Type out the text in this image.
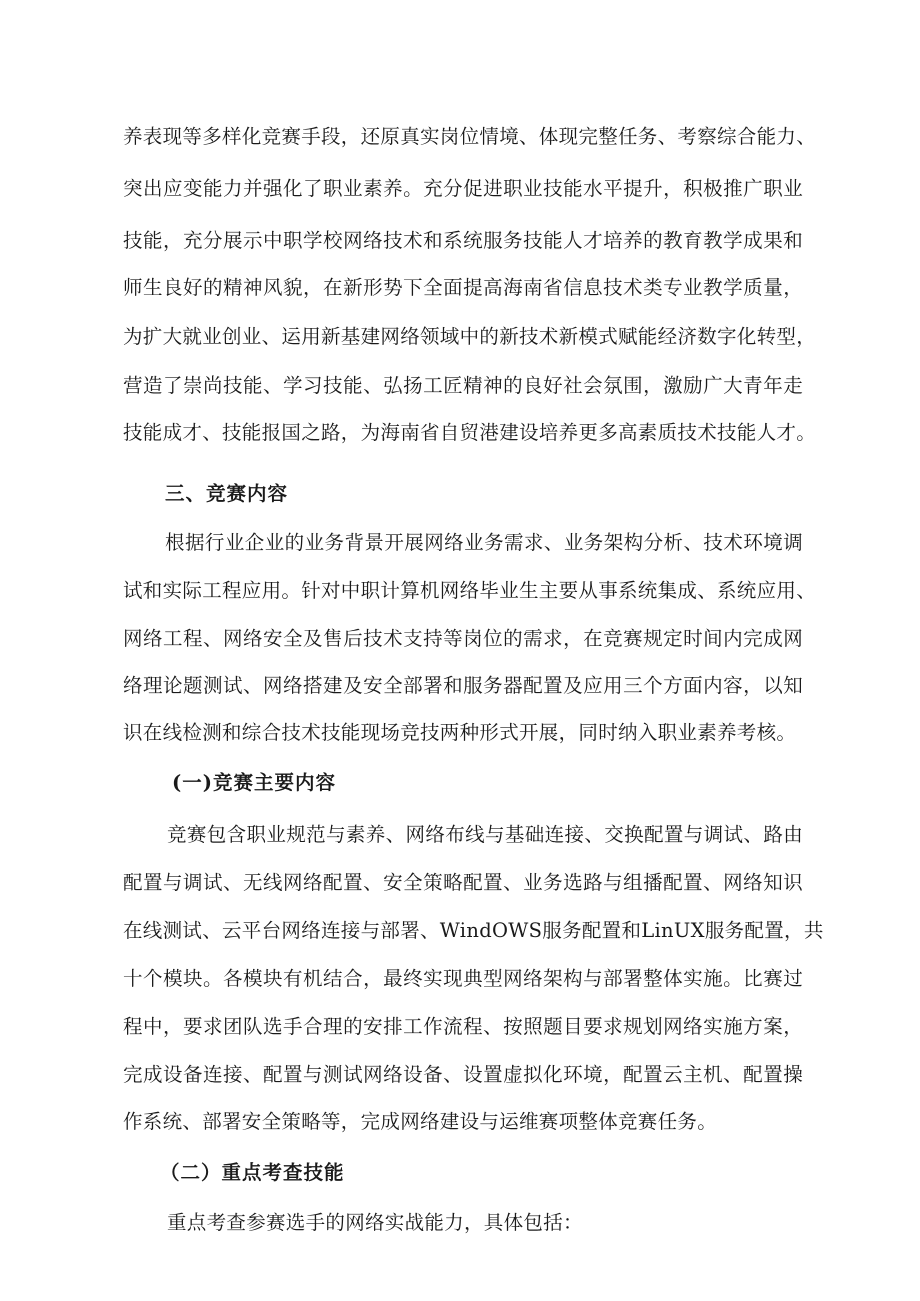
养表现等多样化竞赛手段，还原真实岗位情境、体现完整任务、考察综合能力、
突出应变能力并强化了职业素养。充分促进职业技能水平提升，积极推广职业
技能，充分展示中职学校网络技术和系统服务技能人才培养的教育教学成果和
师生良好的精神风貌，在新形势下全面提高海南省信息技术类专业教学质量，
为扩大就业创业、运用新基建网络领域中的新技术新模式赋能经济数字化转型，
营造了崇尚技能、学习技能、弘扬工匠精神的良好社会氛围，激励广大青年走
技能成才、技能报国之路，为海南省自贸港建设培养更多高素质技术技能人才。
三、竞赛内容
根据行业企业的业务背景开展网络业务需求、业务架构分析、技术环境调
试和实际工程应用。针对中职计算机网络毕业生主要从事系统集成、系统应用、
网络工程、网络安全及售后技术支持等岗位的需求，在竞赛规定时间内完成网
络理论题测试、网络搭建及安全部署和服务器配置及应用三个方面内容，以知
识在线检测和综合技术技能现场竞技两种形式开展，同时纳入职业素养考核。
(一)竞赛主要内容
竞赛包含职业规范与素养、网络布线与基础连接、交换配置与调试、路由
配置与调试、无线网络配置、安全策略配置、业务选路与组播配置、网络知识
在线测试、云平台网络连接与部署、WindOWS服务配置和LinUX服务配置，共
十个模块。各模块有机结合，最终实现典型网络架构与部署整体实施。比赛过
程中，要求团队选手合理的安排工作流程、按照题目要求规划网络实施方案，
完成设备连接、配置与测试网络设备、设置虚拟化环境，配置云主机、配置操
作系统、部署安全策略等，完成网络建设与运维赛项整体竞赛任务。
（二）重点考查技能
重点考查参赛选手的网络实战能力，具体包括：
